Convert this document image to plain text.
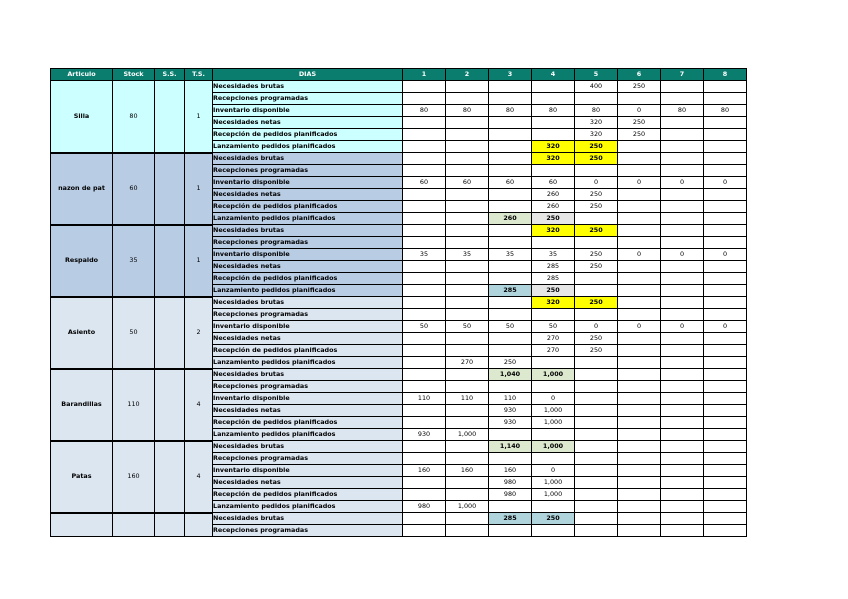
Articulo	Stock	S.S.	T.S.	DIAS	1	2	3	4	5	6	7	8
Silla	80		1	Necesidades brutas					400	250		
				Recepciones programadas								
				Inventario disponible	80	80	80	80	80	0	80	80
				Necesidades netas					320	250		
				Recepción de pedidos planificados					320	250		
				Lanzamiento pedidos planificados				320	250			
nazon de pat	60		1	Necesidades brutas				320	250			
				Recepciones programadas								
				Inventario disponible	60	60	60	60	0	0	0	0
				Necesidades netas				260	250			
				Recepción de pedidos planificados				260	250			
				Lanzamiento pedidos planificados			260	250				
Respaldo	35		1	Necesidades brutas				320	250			
				Recepciones programadas								
				Inventario disponible	35	35	35	35	250	0	0	0
				Necesidades netas				285	250			
				Recepción de pedidos planificados				285				
				Lanzamiento pedidos planificados			285	250				
Asiento	50		2	Necesidades brutas				320	250			
				Recepciones programadas								
				Inventario disponible	50	50	50	50	0	0	0	0
				Necesidades netas				270	250			
				Recepción de pedidos planificados				270	250			
				Lanzamiento pedidos planificados		270	250					
Barandillas	110		4	Necesidades brutas			1,040	1,000				
				Recepciones programadas								
				Inventario disponible	110	110	110	0				
				Necesidades netas			930	1,000				
				Recepción de pedidos planificados			930	1,000				
				Lanzamiento pedidos planificados	930	1,000						
Patas	160		4	Necesidades brutas			1,140	1,000				
				Recepciones programadas								
				Inventario disponible	160	160	160	0				
				Necesidades netas			980	1,000				
				Recepción de pedidos planificados			980	1,000				
				Lanzamiento pedidos planificados	980	1,000						
				Necesidades brutas			285	250				
				Recepciones programadas								
